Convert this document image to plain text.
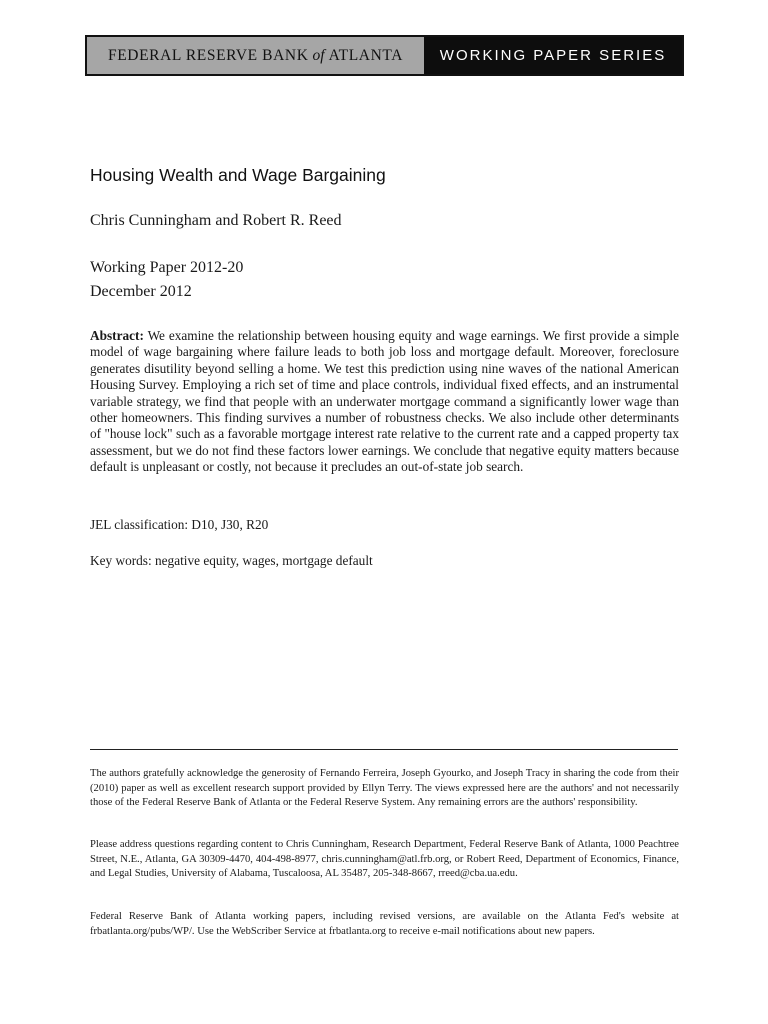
FEDERAL RESERVE BANK of ATLANTA	WORKING PAPER SERIES
Housing Wealth and Wage Bargaining
Chris Cunningham and Robert R. Reed
Working Paper 2012-20
December 2012

Abstract: We examine the relationship between housing equity and wage earnings. We first provide a simple model of wage bargaining where failure leads to both job loss and mortgage default. Moreover, foreclosure generates disutility beyond selling a home. We test this prediction using nine waves of the national American Housing Survey. Employing a rich set of time and place controls, individual fixed effects, and an instrumental variable strategy, we find that people with an underwater mortgage command a significantly lower wage than other homeowners. This finding survives a number of robustness checks. We also include other determinants of "house lock" such as a favorable mortgage interest rate relative to the current rate and a capped property tax assessment, but we do not find these factors lower earnings. We conclude that negative equity matters because default is unpleasant or costly, not because it precludes an out-of-state job search.

JEL classification: D10, J30, R20
Key words: negative equity, wages, mortgage default

The authors gratefully acknowledge the generosity of Fernando Ferreira, Joseph Gyourko, and Joseph Tracy in sharing the code from their (2010) paper as well as excellent research support provided by Ellyn Terry. The views expressed here are the authors' and not necessarily those of the Federal Reserve Bank of Atlanta or the Federal Reserve System. Any remaining errors are the authors' responsibility.

Please address questions regarding content to Chris Cunningham, Research Department, Federal Reserve Bank of Atlanta, 1000 Peachtree Street, N.E., Atlanta, GA 30309-4470, 404-498-8977, chris.cunningham@atl.frb.org, or Robert Reed, Department of Economics, Finance, and Legal Studies, University of Alabama, Tuscaloosa, AL 35487, 205-348-8667, rreed@cba.ua.edu.

Federal Reserve Bank of Atlanta working papers, including revised versions, are available on the Atlanta Fed's website at frbatlanta.org/pubs/WP/. Use the WebScriber Service at frbatlanta.org to receive e-mail notifications about new papers.
